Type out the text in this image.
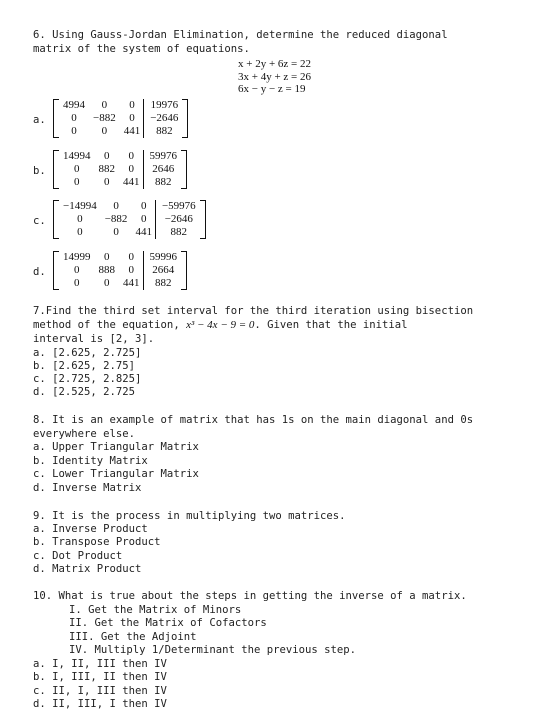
6. Using Gauss-Jordan Elimination, determine the reduced diagonal
matrix of the system of equations.
x + 2y + 6z = 22
3x + 4y + z = 26
6x − y − z = 19
a.
4994	0	0	19976
0	−882	0	−2646
0	0	441	882
b.
14994	0	0	59976
0	882	0	2646
0	0	441	882
c.
−14994	0	0	−59976
0	−882	0	−2646
0	0	441	882
d.
14999	0	0	59996
0	888	0	2664
0	0	441	882
7.Find the third set interval for the third iteration using bisection
method of the equation, x³ − 4x − 9 = 0. Given that the initial
interval is [2, 3].
a. [2.625, 2.725]
b. [2.625, 2.75]
c. [2.725, 2.825]
d. [2.525, 2.725
8. It is an example of matrix that has 1s on the main diagonal and 0s
everywhere else.
a. Upper Triangular Matrix
b. Identity Matrix
c. Lower Triangular Matrix
d. Inverse Matrix
9. It is the process in multiplying two matrices.
a. Inverse Product
b. Transpose Product
c. Dot Product
d. Matrix Product
10. What is true about the steps in getting the inverse of a matrix.
I. Get the Matrix of Minors
II. Get the Matrix of Cofactors
III. Get the Adjoint
IV. Multiply 1/Determinant the previous step.
a. I, II, III then IV
b. I, III, II then IV
c. II, I, III then IV
d. II, III, I then IV
